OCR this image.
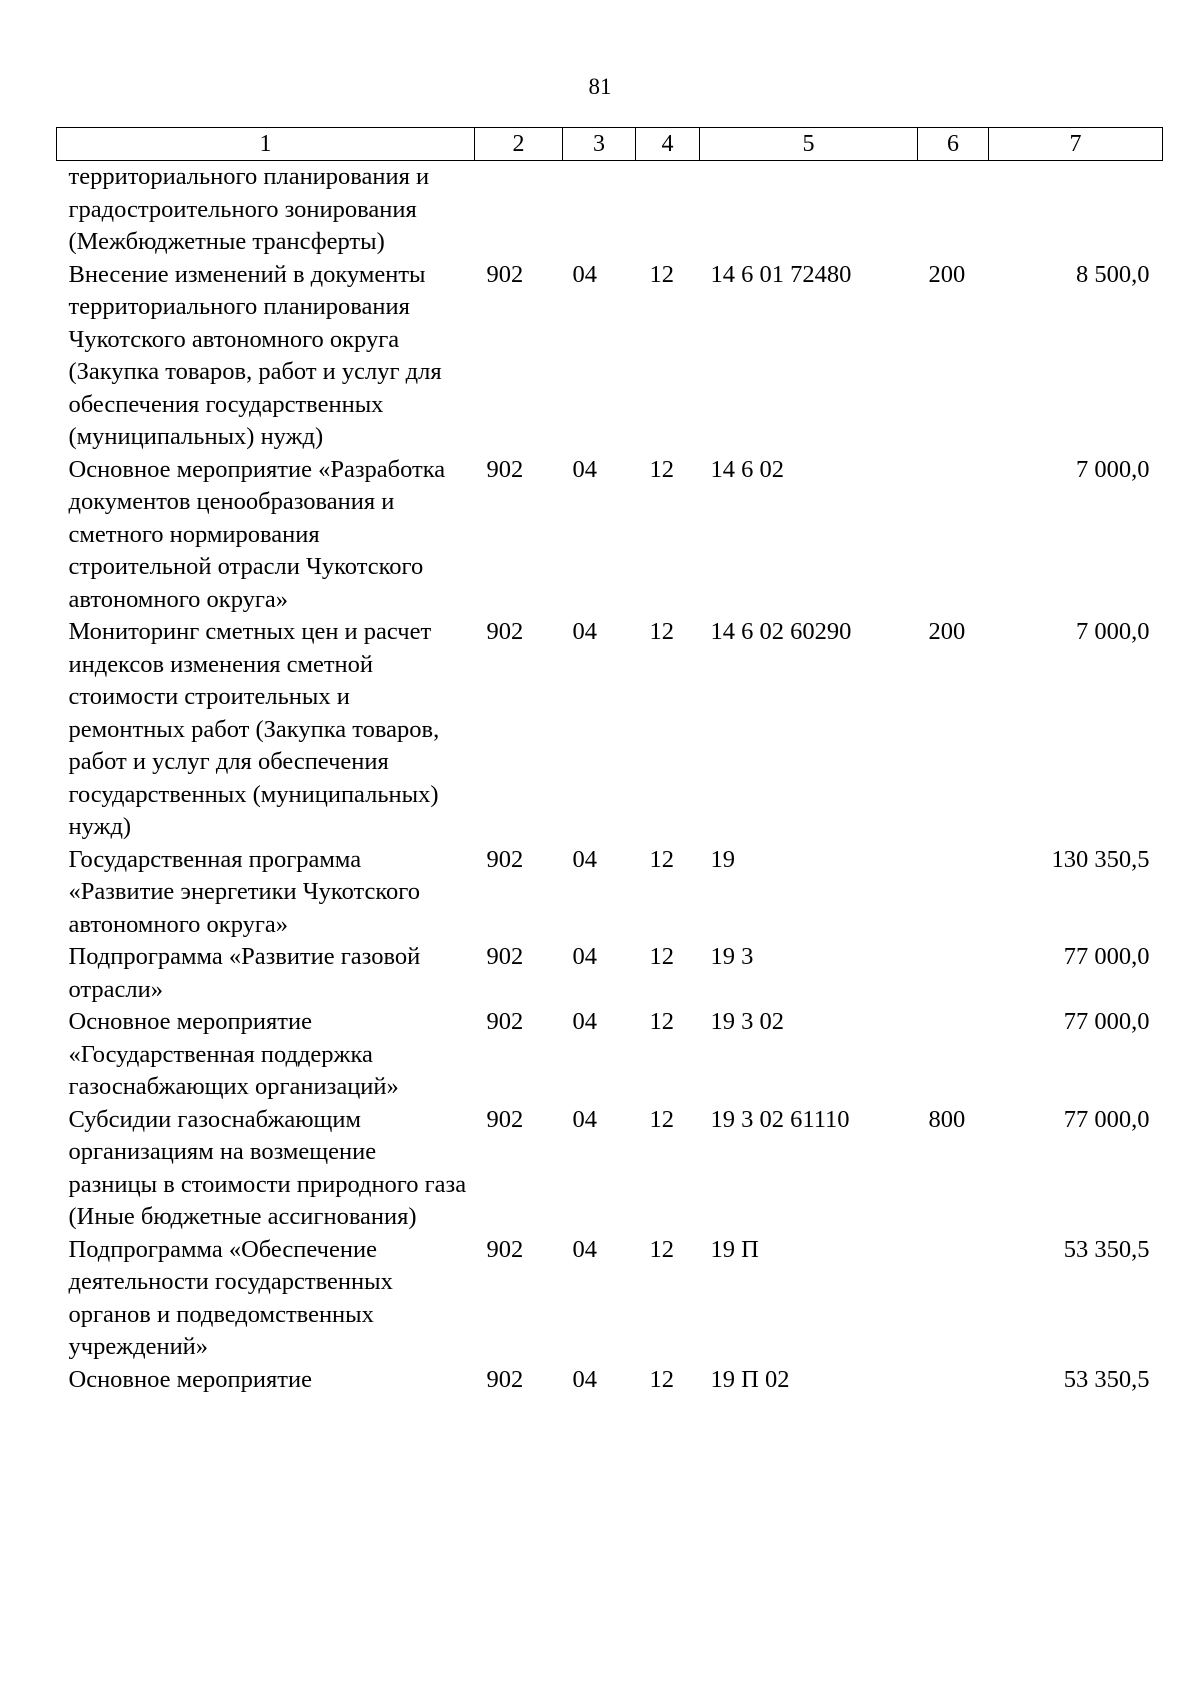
81
1	2	3	4	5	6	7
территориального планирования и градостроительного зонирования (Межбюджетные трансферты)						
Внесение изменений в документы территориального планирования Чукотского автономного округа (Закупка товаров, работ и услуг для обеспечения государственных (муниципальных) нужд)	902	04	12	14 6 01 72480	200	8 500,0
Основное мероприятие «Разработка документов ценообразования и сметного нормирования строительной отрасли Чукотского автономного округа»	902	04	12	14 6 02		7 000,0
Мониторинг сметных цен и расчет индексов изменения сметной стоимости строительных и ремонтных работ (Закупка товаров, работ и услуг для обеспечения государственных (муниципальных) нужд)	902	04	12	14 6 02 60290	200	7 000,0
Государственная программа «Развитие энергетики Чукотского автономного округа»	902	04	12	19		130 350,5
Подпрограмма «Развитие газовой отрасли»	902	04	12	19 3		77 000,0
Основное мероприятие «Государственная поддержка газоснабжающих организаций»	902	04	12	19 3 02		77 000,0
Субсидии газоснабжающим организациям на возмещение разницы в стоимости природного газа (Иные бюджетные ассигнования)	902	04	12	19 3 02 61110	800	77 000,0
Подпрограмма «Обеспечение деятельности государственных органов и подведомственных учреждений»	902	04	12	19 П		53 350,5
Основное мероприятие	902	04	12	19 П 02		53 350,5
